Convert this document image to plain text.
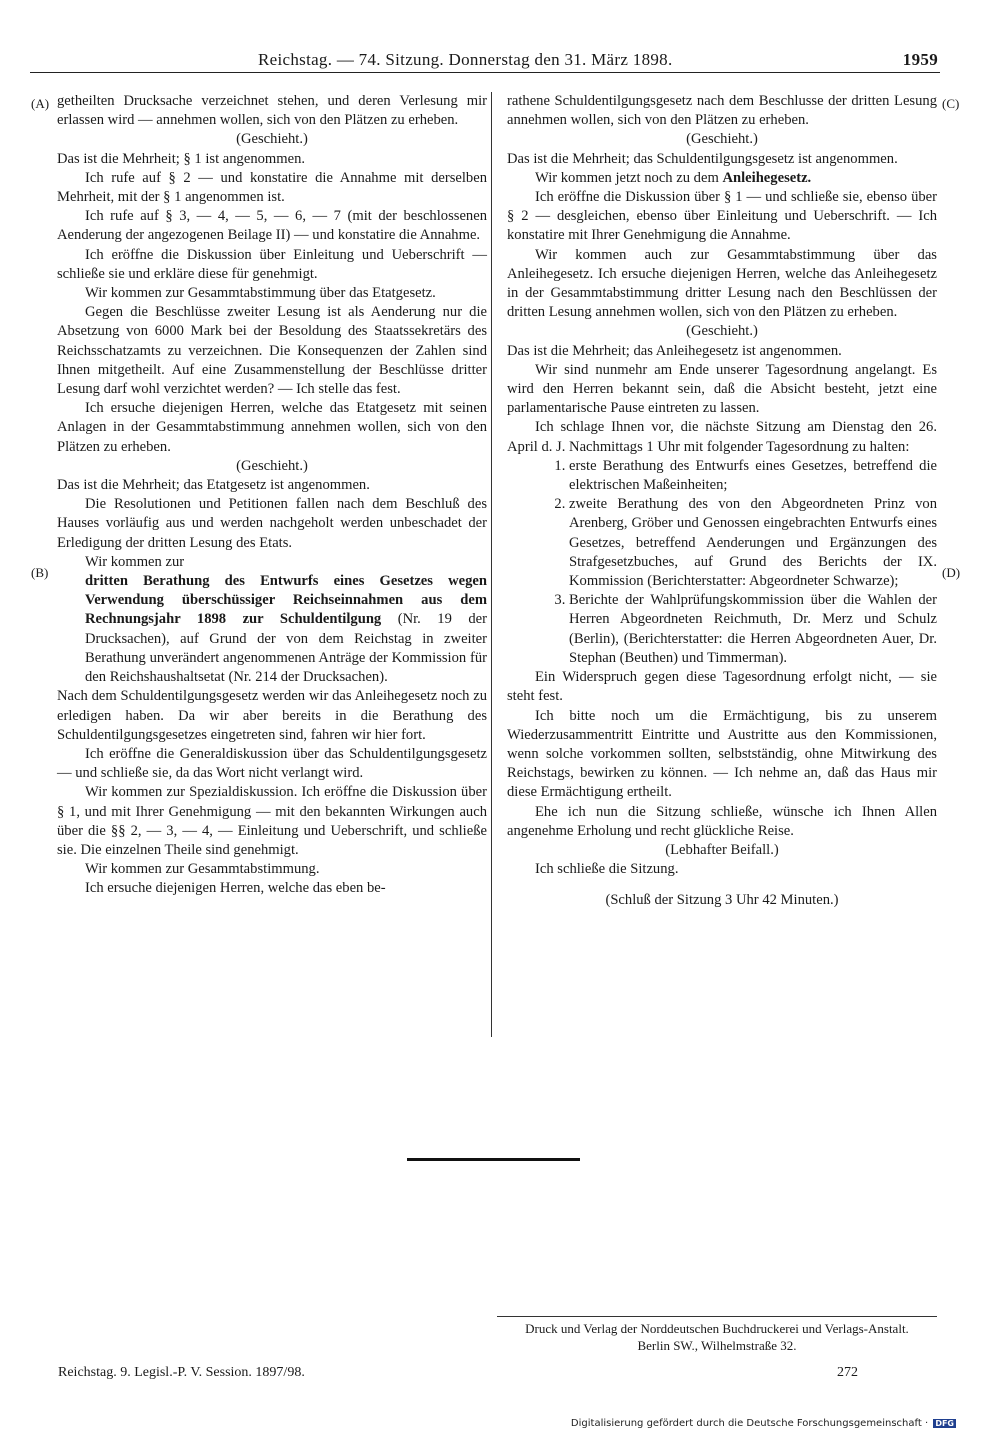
Reichstag. — 74. Sitzung. Donnerstag den 31. März 1898.	1959
(A)
(B)
(C)
(D)

getheilten Drucksache verzeichnet stehen, und deren Verlesung mir erlassen wird — annehmen wollen, sich von den Plätzen zu erheben.

(Geschieht.)

Das ist die Mehrheit; § 1 ist angenommen.

Ich rufe auf § 2 — und konstatire die Annahme mit derselben Mehrheit, mit der § 1 angenommen ist.

Ich rufe auf § 3, — 4, — 5, — 6, — 7 (mit der beschlossenen Aenderung der angezogenen Beilage II) — und konstatire die Annahme.

Ich eröffne die Diskussion über Einleitung und Ueberschrift — schließe sie und erkläre diese für genehmigt.

Wir kommen zur Gesammtabstimmung über das Etatgesetz.

Gegen die Beschlüsse zweiter Lesung ist als Aenderung nur die Absetzung von 6000 Mark bei der Besoldung des Staatssekretärs des Reichsschatzamts zu verzeichnen. Die Konsequenzen der Zahlen sind Ihnen mitgetheilt. Auf eine Zusammenstellung der Beschlüsse dritter Lesung darf wohl verzichtet werden? — Ich stelle das fest.

Ich ersuche diejenigen Herren, welche das Etatgesetz mit seinen Anlagen in der Gesammtabstimmung annehmen wollen, sich von den Plätzen zu erheben.

(Geschieht.)

Das ist die Mehrheit; das Etatgesetz ist angenommen.

Die Resolutionen und Petitionen fallen nach dem Beschluß des Hauses vorläufig aus und werden nachgeholt werden unbeschadet der Erledigung der dritten Lesung des Etats.

Wir kommen zur

dritten Berathung des Entwurfs eines Gesetzes wegen Verwendung überschüssiger Reichseinnahmen aus dem Rechnungsjahr 1898 zur Schuldentilgung (Nr. 19 der Drucksachen), auf Grund der von dem Reichstag in zweiter Berathung unverändert angenommenen Anträge der Kommission für den Reichshaushaltsetat (Nr. 214 der Drucksachen).

Nach dem Schuldentilgungsgesetz werden wir das Anleihegesetz noch zu erledigen haben. Da wir aber bereits in die Berathung des Schuldentilgungsgesetzes eingetreten sind, fahren wir hier fort.

Ich eröffne die Generaldiskussion über das Schuldentilgungsgesetz — und schließe sie, da das Wort nicht verlangt wird.

Wir kommen zur Spezialdiskussion. Ich eröffne die Diskussion über § 1, und mit Ihrer Genehmigung — mit den bekannten Wirkungen auch über die §§ 2, — 3, — 4, — Einleitung und Ueberschrift, und schließe sie. Die einzelnen Theile sind genehmigt.

Wir kommen zur Gesammtabstimmung.

Ich ersuche diejenigen Herren, welche das eben be-

rathene Schuldentilgungsgesetz nach dem Beschlusse der dritten Lesung annehmen wollen, sich von den Plätzen zu erheben.

(Geschieht.)

Das ist die Mehrheit; das Schuldentilgungsgesetz ist angenommen.

Wir kommen jetzt noch zu dem Anleihegesetz.

Ich eröffne die Diskussion über § 1 — und schließe sie, ebenso über § 2 — desgleichen, ebenso über Einleitung und Ueberschrift. — Ich konstatire mit Ihrer Genehmigung die Annahme.

Wir kommen auch zur Gesammtabstimmung über das Anleihegesetz. Ich ersuche diejenigen Herren, welche das Anleihegesetz in der Gesammtabstimmung dritter Lesung nach den Beschlüssen der dritten Lesung annehmen wollen, sich von den Plätzen zu erheben.

(Geschieht.)

Das ist die Mehrheit; das Anleihegesetz ist angenommen.

Wir sind nunmehr am Ende unserer Tagesordnung angelangt. Es wird den Herren bekannt sein, daß die Absicht besteht, jetzt eine parlamentarische Pause eintreten zu lassen.

Ich schlage Ihnen vor, die nächste Sitzung am Dienstag den 26. April d. J. Nachmittags 1 Uhr mit folgender Tagesordnung zu halten:

1. erste Berathung des Entwurfs eines Gesetzes, betreffend die elektrischen Maßeinheiten;
2. zweite Berathung des von den Abgeordneten Prinz von Arenberg, Gröber und Genossen eingebrachten Entwurfs eines Gesetzes, betreffend Aenderungen und Ergänzungen des Strafgesetzbuches, auf Grund des Berichts der IX. Kommission (Berichterstatter: Abgeordneter Schwarze);
3. Berichte der Wahlprüfungskommission über die Wahlen der Herren Abgeordneten Reichmuth, Dr. Merz und Schulz (Berlin), (Berichterstatter: die Herren Abgeordneten Auer, Dr. Stephan (Beuthen) und Timmerman).

Ein Widerspruch gegen diese Tagesordnung erfolgt nicht, — sie steht fest.

Ich bitte noch um die Ermächtigung, bis zu unserem Wiederzusammentritt Eintritte und Austritte aus den Kommissionen, wenn solche vorkommen sollten, selbstständig, ohne Mitwirkung des Reichstags, bewirken zu können. — Ich nehme an, daß das Haus mir diese Ermächtigung ertheilt.

Ehe ich nun die Sitzung schließe, wünsche ich Ihnen Allen angenehme Erholung und recht glückliche Reise.

(Lebhafter Beifall.)

Ich schließe die Sitzung.

(Schluß der Sitzung 3 Uhr 42 Minuten.)

Druck und Verlag der Norddeutschen Buchdruckerei und Verlags-Anstalt.
Berlin SW., Wilhelmstraße 32.
Reichstag. 9. Legisl.-P. V. Session. 1897/98.	272
Digitalisierung gefördert durch die Deutsche Forschungsgemeinschaft · DFG
